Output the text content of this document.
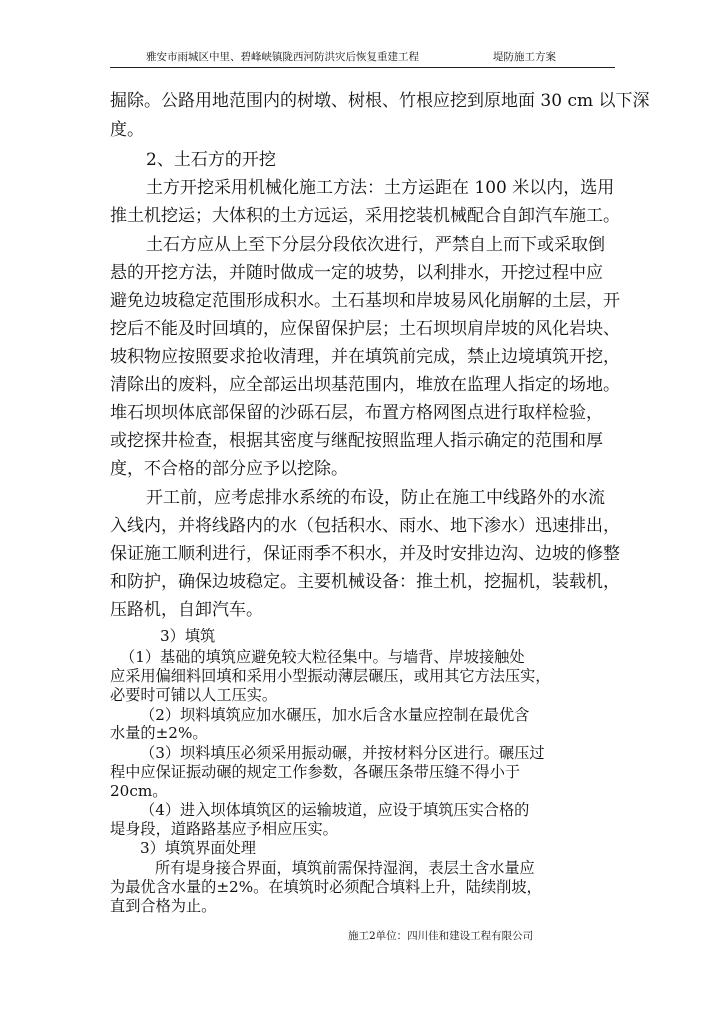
雅安市雨城区中里、碧峰峡镇陇西河防洪灾后恢复重建工程	堤防施工方案
掘除。公路用地范围内的树墩、树根、竹根应挖到原地面 30 cm 以下深
度。
2、土石方的开挖
土方开挖采用机械化施工方法：土方运距在 100 米以内，选用
推土机挖运；大体积的土方远运，采用挖装机械配合自卸汽车施工。
土石方应从上至下分层分段依次进行，严禁自上而下或采取倒
悬的开挖方法，并随时做成一定的坡势，以利排水，开挖过程中应
避免边坡稳定范围形成积水。土石基坝和岸坡易风化崩解的土层，开
挖后不能及时回填的，应保留保护层；土石坝坝肩岸坡的风化岩块、
坡积物应按照要求抢收清理，并在填筑前完成，禁止边境填筑开挖，
清除出的废料，应全部运出坝基范围内，堆放在监理人指定的场地。
堆石坝坝体底部保留的沙砾石层，布置方格网图点进行取样检验，
或挖探井检查，根据其密度与继配按照监理人指示确定的范围和厚
度，不合格的部分应予以挖除。
开工前，应考虑排水系统的布设，防止在施工中线路外的水流
入线内，并将线路内的水（包括积水、雨水、地下渗水）迅速排出，
保证施工顺利进行，保证雨季不积水，并及时安排边沟、边坡的修整
和防护，确保边坡稳定。主要机械设备：推土机，挖掘机，装载机，
压路机，自卸汽车。
3）填筑
（1）基础的填筑应避免较大粒径集中。与墙背、岸坡接触处
应采用偏细料回填和采用小型振动薄层碾压，或用其它方法压实，
必要时可铺以人工压实。
（2）坝料填筑应加水碾压，加水后含水量应控制在最优含
水量的±2%。
（3）坝料填压必须采用振动碾，并按材料分区进行。碾压过
程中应保证振动碾的规定工作参数，各碾压条带压缝不得小于
20cm。
（4）进入坝体填筑区的运输坡道，应设于填筑压实合格的
堤身段，道路路基应予相应压实。
3）填筑界面处理
所有堤身接合界面，填筑前需保持湿润，表层土含水量应
为最优含水量的±2%。在填筑时必须配合填料上升，陆续削坡，
直到合格为止。
施工2单位：四川佳和建设工程有限公司
